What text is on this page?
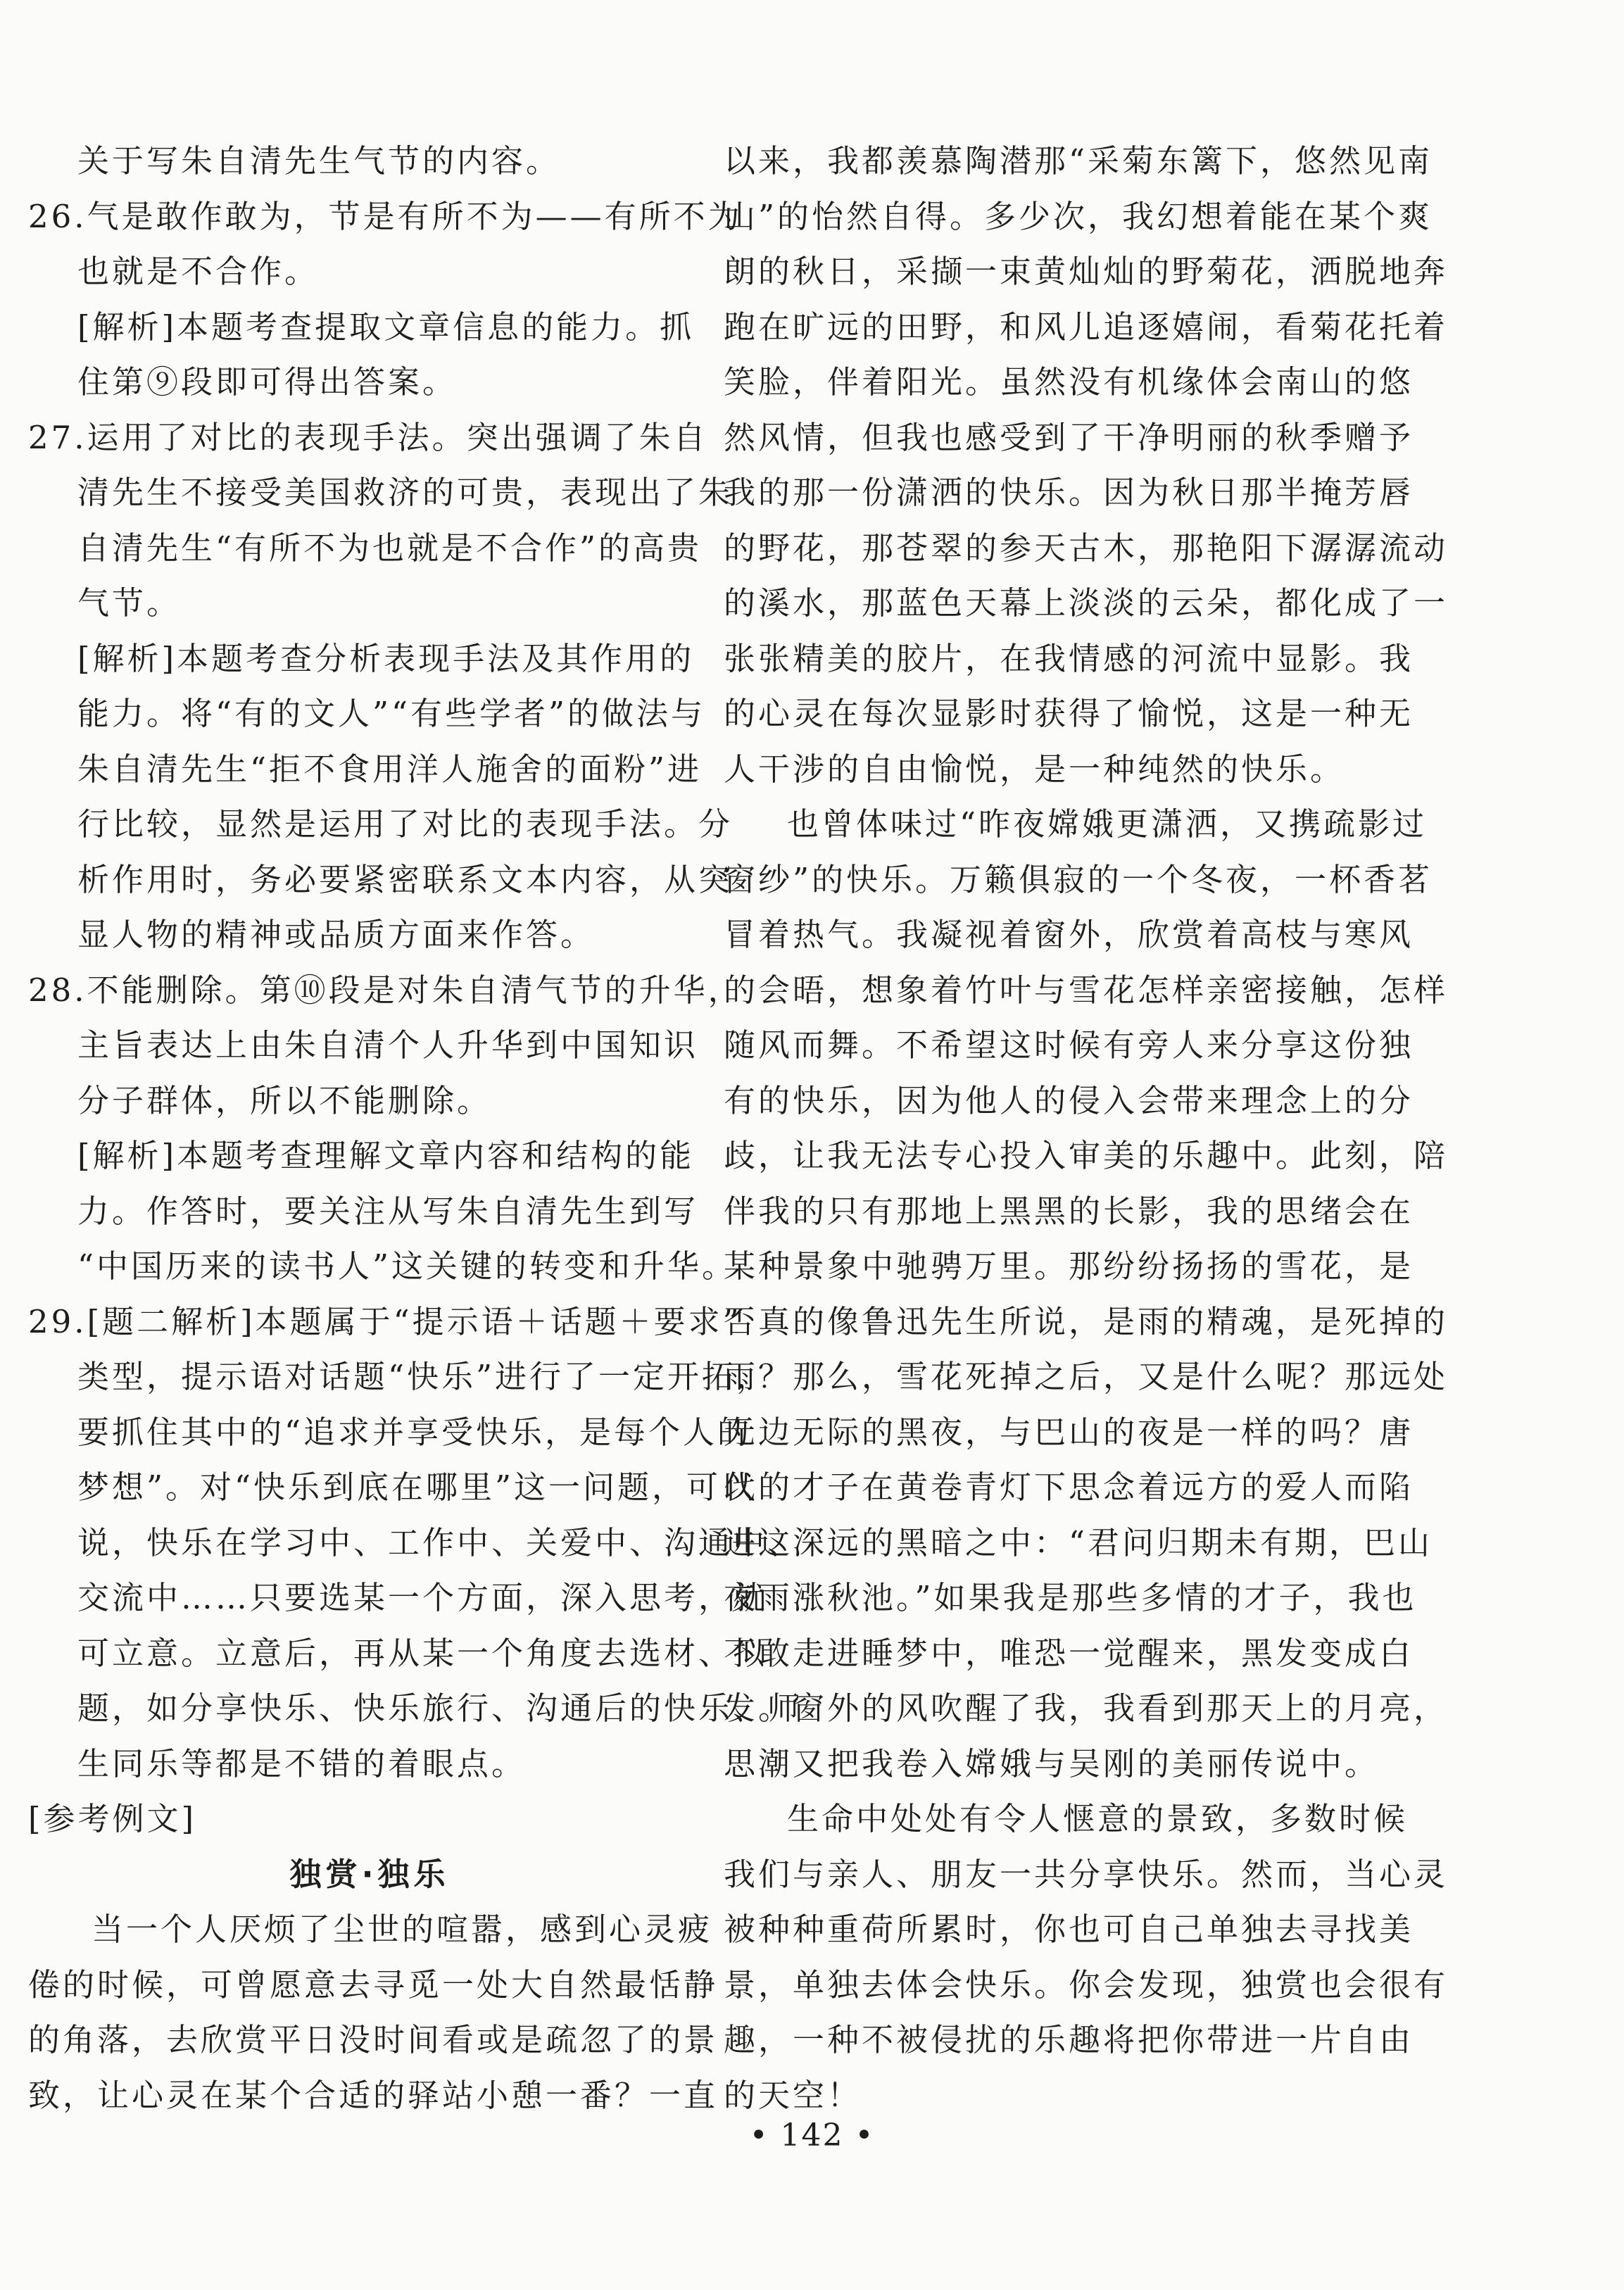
关于写朱自清先生气节的内容。
26.气是敢作敢为，节是有所不为——有所不为
也就是不合作。
[解析]本题考查提取文章信息的能力。抓
住第⑨段即可得出答案。
27.运用了对比的表现手法。突出强调了朱自
清先生不接受美国救济的可贵，表现出了朱
自清先生“有所不为也就是不合作”的高贵
气节。
[解析]本题考查分析表现手法及其作用的
能力。将“有的文人”“有些学者”的做法与
朱自清先生“拒不食用洋人施舍的面粉”进
行比较，显然是运用了对比的表现手法。分
析作用时，务必要紧密联系文本内容，从突
显人物的精神或品质方面来作答。
28.不能删除。第⑩段是对朱自清气节的升华，
主旨表达上由朱自清个人升华到中国知识
分子群体，所以不能删除。
[解析]本题考查理解文章内容和结构的能
力。作答时，要关注从写朱自清先生到写
“中国历来的读书人”这关键的转变和升华。
29.[题二解析]本题属于“提示语＋话题＋要求”
类型，提示语对话题“快乐”进行了一定开拓，
要抓住其中的“追求并享受快乐，是每个人的
梦想”。对“快乐到底在哪里”这一问题，可以
说，快乐在学习中、工作中、关爱中、沟通中、
交流中……只要选某一个方面，深入思考，就
可立意。立意后，再从某一个角度去选材、拟
题，如分享快乐、快乐旅行、沟通后的快乐、师
生同乐等都是不错的着眼点。
[参考例文]
独赏·独乐
当一个人厌烦了尘世的喧嚣，感到心灵疲
倦的时候，可曾愿意去寻觅一处大自然最恬静
的角落，去欣赏平日没时间看或是疏忽了的景
致，让心灵在某个合适的驿站小憩一番？一直
以来，我都羡慕陶潜那“采菊东篱下，悠然见南
山”的怡然自得。多少次，我幻想着能在某个爽
朗的秋日，采撷一束黄灿灿的野菊花，洒脱地奔
跑在旷远的田野，和风儿追逐嬉闹，看菊花托着
笑脸，伴着阳光。虽然没有机缘体会南山的悠
然风情，但我也感受到了干净明丽的秋季赠予
我的那一份潇洒的快乐。因为秋日那半掩芳唇
的野花，那苍翠的参天古木，那艳阳下潺潺流动
的溪水，那蓝色天幕上淡淡的云朵，都化成了一
张张精美的胶片，在我情感的河流中显影。我
的心灵在每次显影时获得了愉悦，这是一种无
人干涉的自由愉悦，是一种纯然的快乐。
也曾体味过“昨夜嫦娥更潇洒，又携疏影过
窗纱”的快乐。万籁俱寂的一个冬夜，一杯香茗
冒着热气。我凝视着窗外，欣赏着高枝与寒风
的会晤，想象着竹叶与雪花怎样亲密接触，怎样
随风而舞。不希望这时候有旁人来分享这份独
有的快乐，因为他人的侵入会带来理念上的分
歧，让我无法专心投入审美的乐趣中。此刻，陪
伴我的只有那地上黑黑的长影，我的思绪会在
某种景象中驰骋万里。那纷纷扬扬的雪花，是
否真的像鲁迅先生所说，是雨的精魂，是死掉的
雨？那么，雪花死掉之后，又是什么呢？那远处
无边无际的黑夜，与巴山的夜是一样的吗？唐
代的才子在黄卷青灯下思念着远方的爱人而陷
进这深远的黑暗之中：“君问归期未有期，巴山
夜雨涨秋池。”如果我是那些多情的才子，我也
不敢走进睡梦中，唯恐一觉醒来，黑发变成白
发。窗外的风吹醒了我，我看到那天上的月亮，
思潮又把我卷入嫦娥与吴刚的美丽传说中。
生命中处处有令人惬意的景致，多数时候
我们与亲人、朋友一共分享快乐。然而，当心灵
被种种重荷所累时，你也可自己单独去寻找美
景，单独去体会快乐。你会发现，独赏也会很有
趣，一种不被侵扰的乐趣将把你带进一片自由
的天空！
• 142 •
